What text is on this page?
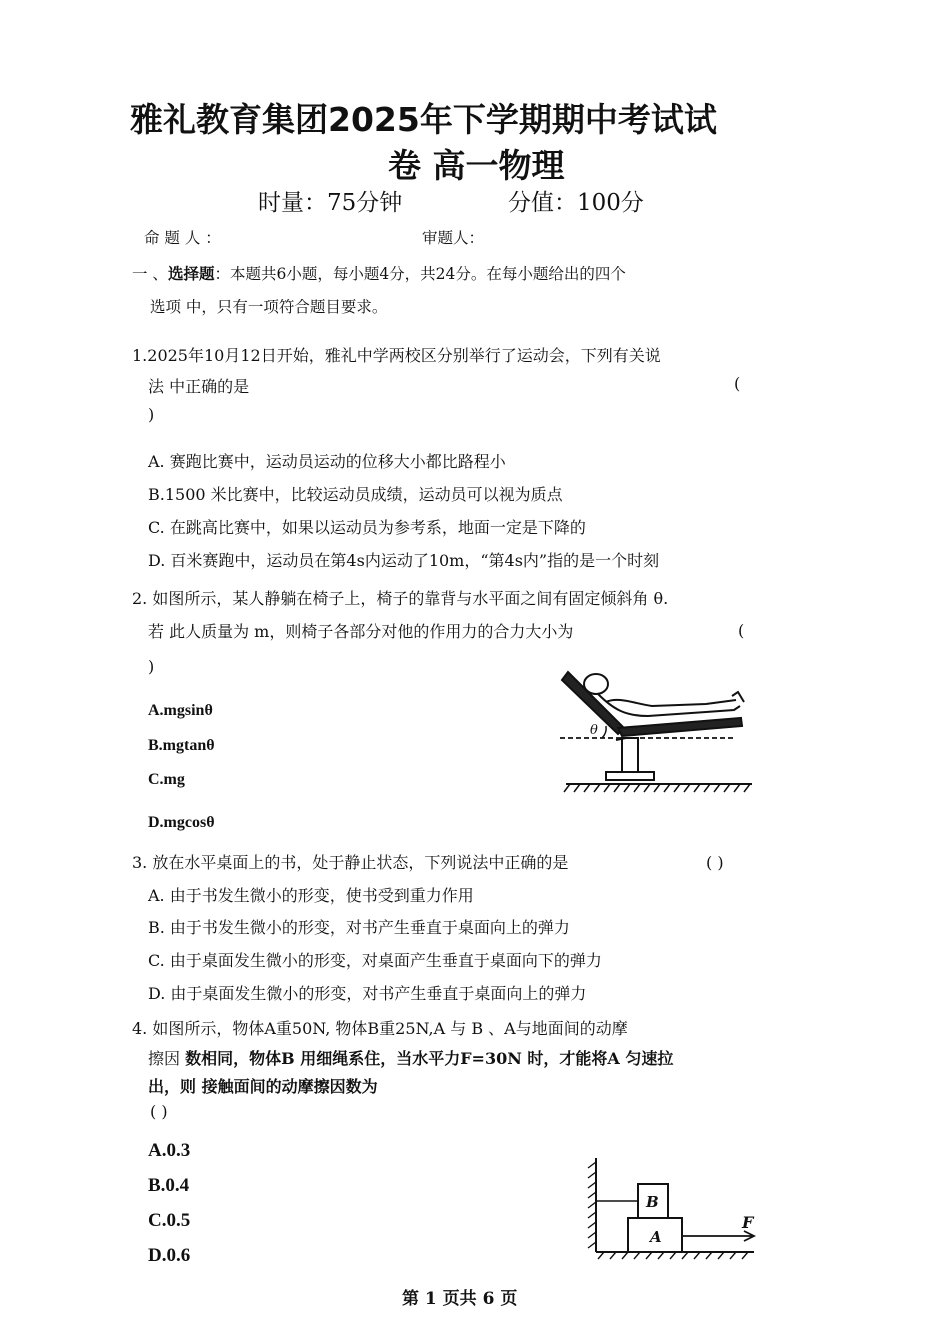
雅礼教育集团2025年下学期期中考试试
卷 高一物理
时量：75分钟	分值：100分
命 题 人 ：	审题人：
一 、选择题：本题共6小题，每小题4分，共24分。在每小题给出的四个
选项 中，只有一项符合题目要求。
1.2025年10月12日开始，雅礼中学两校区分别举行了运动会，下列有关说
法 中正确的是	(
)
A. 赛跑比赛中，运动员运动的位移大小都比路程小
B.1500 米比赛中，比较运动员成绩，运动员可以视为质点
C. 在跳高比赛中，如果以运动员为参考系，地面一定是下降的
D. 百米赛跑中，运动员在第4s内运动了10m，“第4s内”指的是一个时刻
2. 如图所示，某人静躺在椅子上，椅子的靠背与水平面之间有固定倾斜角 θ.
若 此人质量为 m，则椅子各部分对他的作用力的合力大小为	(
)
A.mgsinθ
B.mgtanθ
C.mg
D.mgcosθ
θ
3. 放在水平桌面上的书，处于静止状态，下列说法中正确的是	( )
A. 由于书发生微小的形变，使书受到重力作用
B. 由于书发生微小的形变，对书产生垂直于桌面向上的弹力
C. 由于桌面发生微小的形变，对桌面产生垂直于桌面向下的弹力
D. 由于桌面发生微小的形变，对书产生垂直于桌面向上的弹力
4. 如图所示，物体A重50N, 物体B重25N,A 与 B 、A与地面间的动摩
擦因 数相同，物体B 用细绳系住，当水平力F=30N 时，才能将A 匀速拉
出，则 接触面间的动摩擦因数为
( )
A.0.3
B.0.4
C.0.5
D.0.6
A
B
F
第 1 页共 6 页
